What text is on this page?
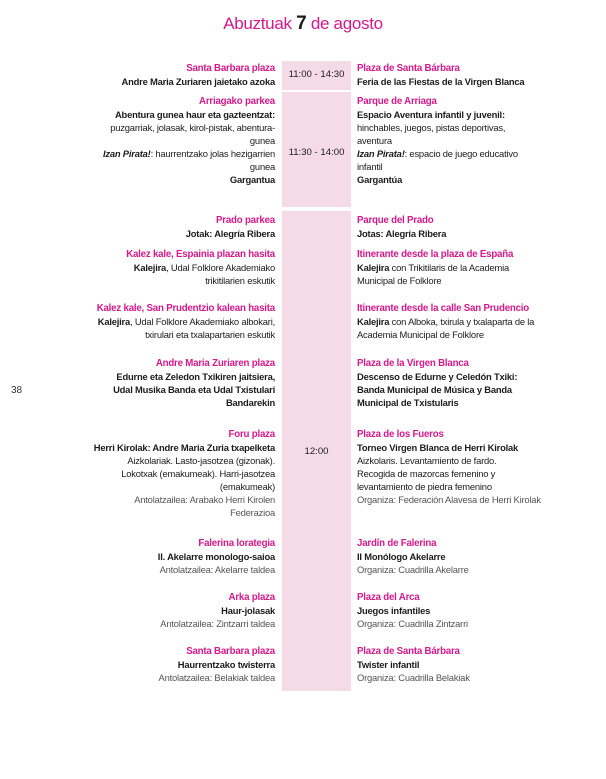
Abuztuak 7 de agosto
38
11:00 - 14:30
11:30 - 14:00
12:00
Santa Barbara plaza
Andre Maria Zuriaren jaietako azoka
Arriagako parkea
Abentura gunea haur eta gazteentzat:
puzgarriak, jolasak, kirol-pistak, abentura-
gunea
Izan Pirata!: haurrentzako jolas hezigarrien
gunea
Gargantua
Prado parkea
Jotak: Alegría Ribera
Kalez kale, Espainia plazan hasita
Kalejira, Udal Folklore Akademiako
trikitilarien eskutik
Kalez kale, San Prudentzio kalean hasita
Kalejira, Udal Folklore Akademiako albokari,
txirulari eta txalapartarien eskutik
Andre Maria Zuriaren plaza
Edurne eta Zeledon Txikiren jaitsiera,
Udal Musika Banda eta Udal Txistulari
Bandarekin
Foru plaza
Herri Kirolak: Andre Maria Zuria txapelketa
Aizkolariak. Lasto-jasotzea (gizonak).
Lokotxak (emakumeak). Harri-jasotzea
(emakumeak)
Antolatzailea: Arabako Herri Kirolen
Federazioa
Falerina lorategia
II. Akelarre monologo-saioa
Antolatzailea: Akelarre taldea
Arka plaza
Haur-jolasak
Antolatzailea: Zintzarri taldea
Santa Barbara plaza
Haurrentzako twisterra
Antolatzailea: Belakiak taldea
Plaza de Santa Bárbara
Feria de las Fiestas de la Virgen Blanca
Parque de Arriaga
Espacio Aventura infantil y juvenil:
hinchables, juegos, pistas deportivas,
aventura
Izan Pirata!: espacio de juego educativo
infantil
Gargantúa
Parque del Prado
Jotas: Alegría Ribera
Itinerante desde la plaza de España
Kalejira con Trikitilaris de la Academia
Municipal de Folklore
Itinerante desde la calle San Prudencio
Kalejira con Alboka, txirula y txalaparta de la
Academia Municipal de Folklore
Plaza de la Virgen Blanca
Descenso de Edurne y Celedón Txiki:
Banda Municipal de Música y Banda
Municipal de Txistularis
Plaza de los Fueros
Torneo Virgen Blanca de Herri Kirolak
Aizkolaris. Levantamiento de fardo.
Recogida de mazorcas femenino y
levantamiento de piedra femenino
Organiza: Federación Alavesa de Herri Kirolak
Jardín de Falerina
II Monólogo Akelarre
Organiza: Cuadrilla Akelarre
Plaza del Arca
Juegos infantiles
Organiza: Cuadrilla Zintzarri
Plaza de Santa Bárbara
Twister infantil
Organiza: Cuadrilla Belakiak
